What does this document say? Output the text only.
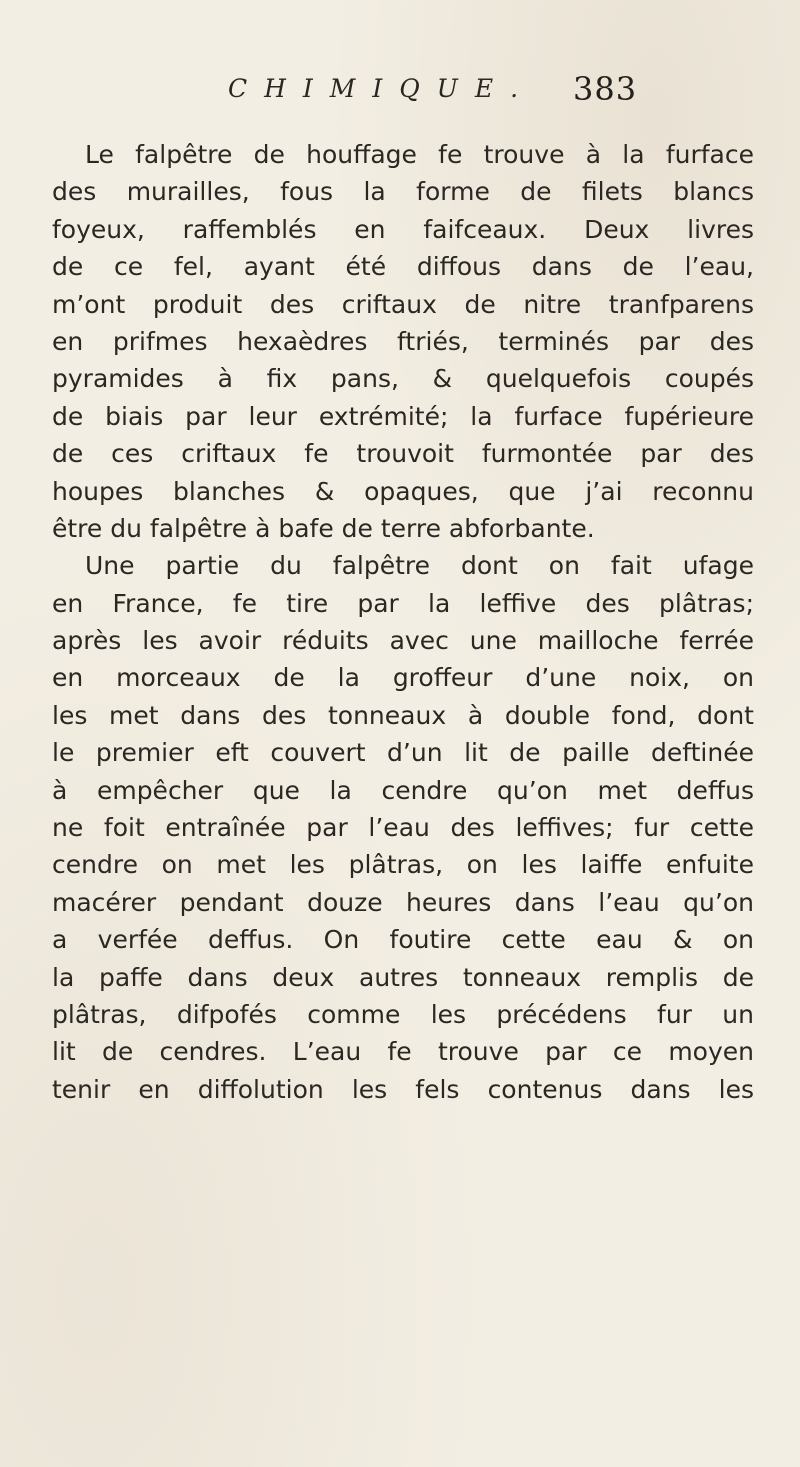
CHIMIQUE. 383
Le falpêtre de houffage fe trouve à la furface
des murailles, fous la forme de filets blancs
foyeux, raffemblés en faifceaux. Deux livres
de ce fel, ayant été diffous dans de l’eau,
m’ont produit des criftaux de nitre tranfparens
en prifmes hexaèdres ftriés, terminés par des
pyramides à fix pans, & quelquefois coupés
de biais par leur extrémité; la furface fupérieure
de ces criftaux fe trouvoit furmontée par des
houpes blanches & opaques, que j’ai reconnu
être du falpêtre à bafe de terre abforbante.
Une partie du falpêtre dont on fait ufage
en France, fe tire par la leffive des plâtras;
après les avoir réduits avec une mailloche ferrée
en morceaux de la groffeur d’une noix, on
les met dans des tonneaux à double fond, dont
le premier eft couvert d’un lit de paille deftinée
à empêcher que la cendre qu’on met deffus
ne foit entraînée par l’eau des leffives; fur cette
cendre on met les plâtras, on les laiffe enfuite
macérer pendant douze heures dans l’eau qu’on
a verfée deffus. On foutire cette eau & on
la paffe dans deux autres tonneaux remplis de
plâtras, difpofés comme les précédens fur un
lit de cendres. L’eau fe trouve par ce moyen
tenir en diffolution les fels contenus dans les
